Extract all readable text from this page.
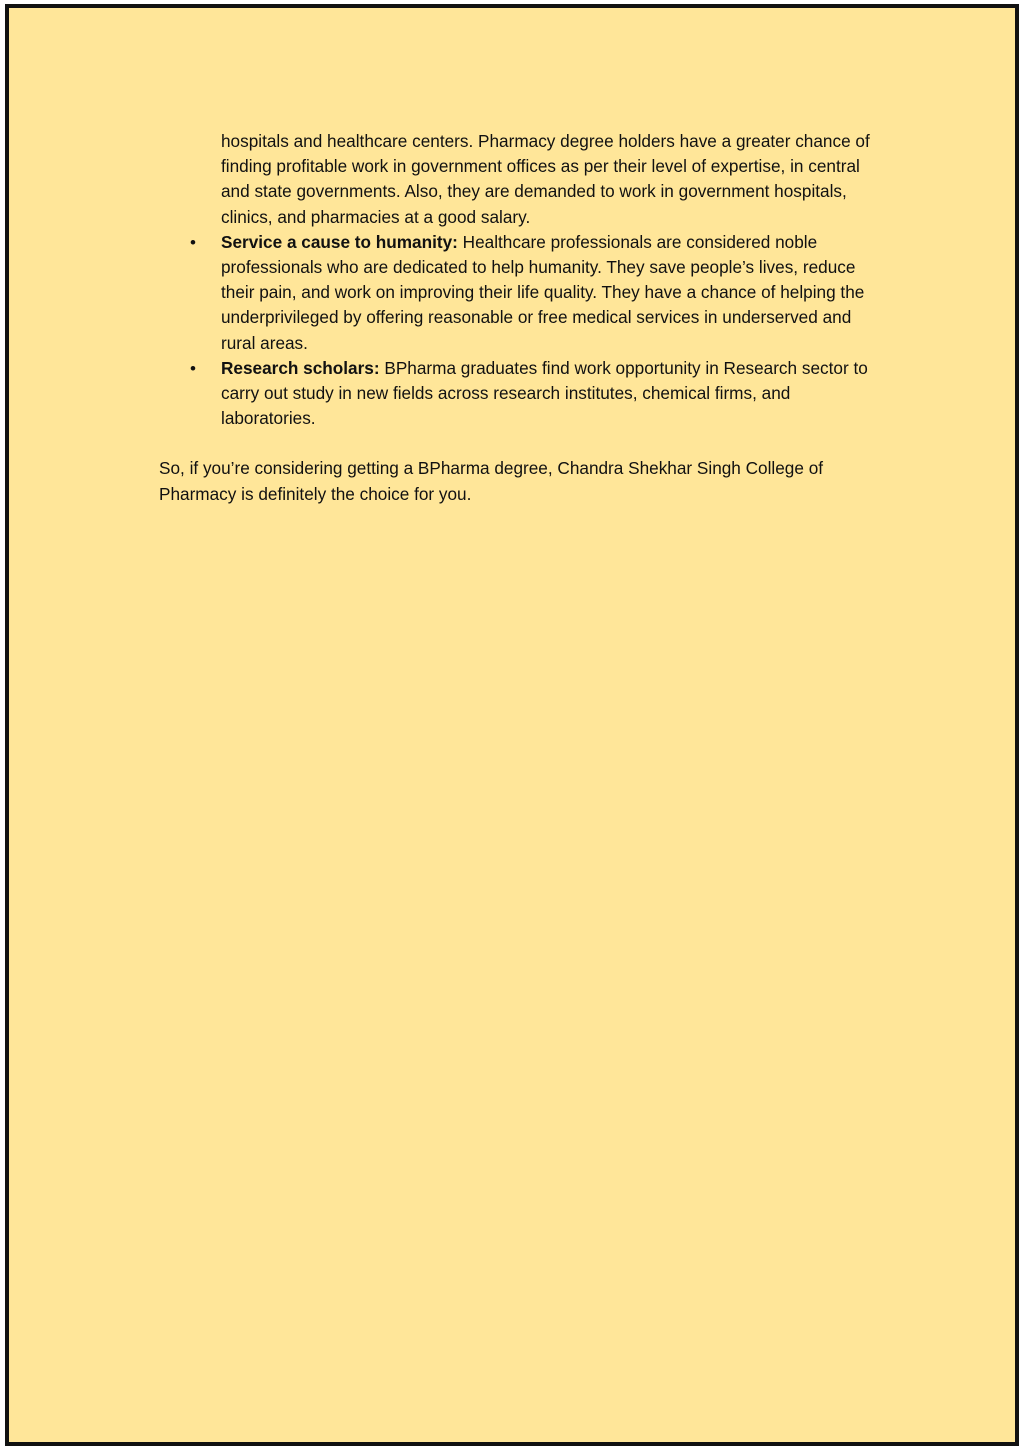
hospitals and healthcare centers. Pharmacy degree holders have a greater chance of finding profitable work in government offices as per their level of expertise, in central and state governments. Also, they are demanded to work in government hospitals, clinics, and pharmacies at a good salary.

• Service a cause to humanity: Healthcare professionals are considered noble professionals who are dedicated to help humanity. They save people’s lives, reduce their pain, and work on improving their life quality. They have a chance of helping the underprivileged by offering reasonable or free medical services in underserved and rural areas.
• Research scholars: BPharma graduates find work opportunity in Research sector to carry out study in new fields across research institutes, chemical firms, and laboratories.

So, if you’re considering getting a BPharma degree, Chandra Shekhar Singh College of Pharmacy is definitely the choice for you.
